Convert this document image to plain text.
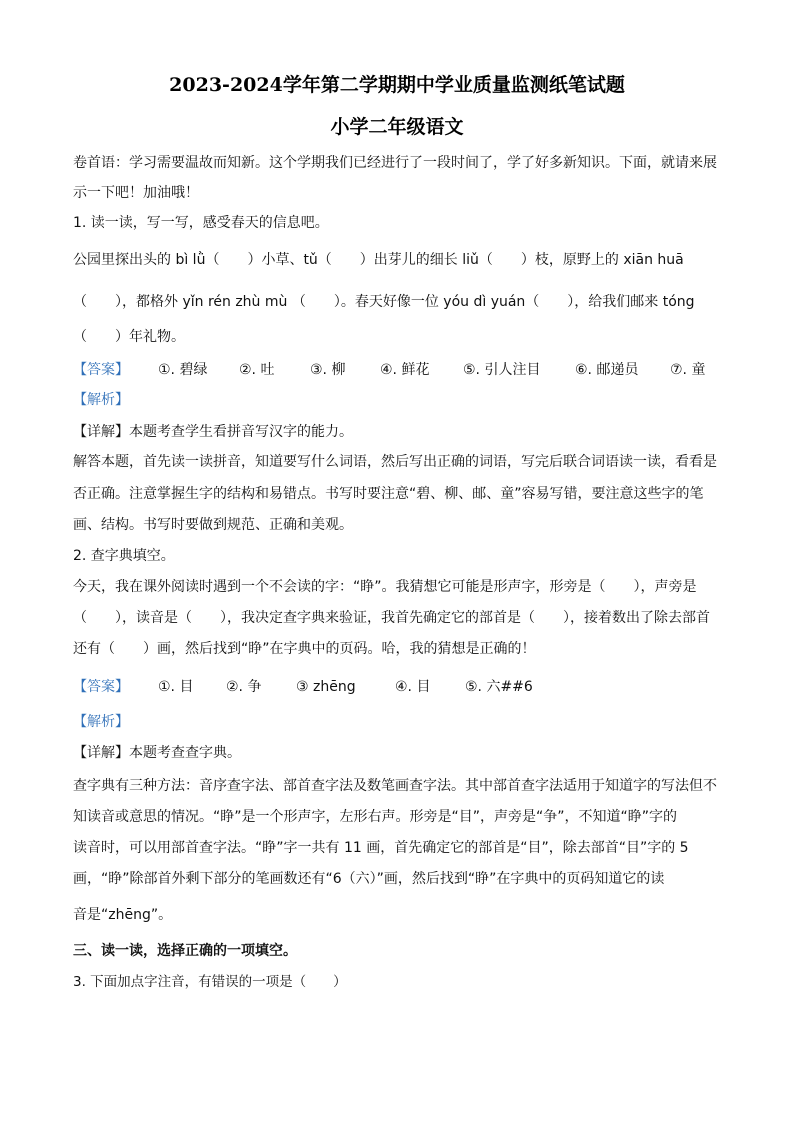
2023-2024学年第二学期期中学业质量监测纸笔试题
小学二年级语文
卷首语：学习需要温故而知新。这个学期我们已经进行了一段时间了，学了好多新知识。下面，就请来展
示一下吧！加油哦！
1. 读一读，写一写，感受春天的信息吧。
公园里探出头的 bì lǜ（　　）小草、tǔ（　　）出芽儿的细长 liǔ（　　）枝，原野上的 xiān huā
（　　），都格外 yǐn rén zhù mù （　　）。春天好像一位 yóu dì yuán（　　），给我们邮来 tóng
（　　）年礼物。
【答案】 ①. 碧绿 ②. 吐	③. 柳 ④. 鲜花 ⑤. 引人注目 ⑥. 邮递员 ⑦. 童
【解析】
【详解】本题考查学生看拼音写汉字的能力。
解答本题，首先读一读拼音，知道要写什么词语，然后写出正确的词语，写完后联合词语读一读，看看是
否正确。注意掌握生字的结构和易错点。书写时要注意“碧、柳、邮、童”容易写错，要注意这些字的笔
画、结构。书写时要做到规范、正确和美观。
2. 查字典填空。
今天，我在课外阅读时遇到一个不会读的字：“睁”。我猜想它可能是形声字，形旁是（　　），声旁是
（　　），读音是（　　），我决定查字典来验证，我首先确定它的部首是（　　），接着数出了除去部首
还有（　　）画，然后找到“睁”在字典中的页码。哈，我的猜想是正确的！
【答案】 ①. 目 ②. 争 ③ zhēng	④. 目 ⑤. 六##6
【解析】
【详解】本题考查查字典。
查字典有三种方法：音序查字法、部首查字法及数笔画查字法。其中部首查字法适用于知道字的写法但不
知读音或意思的情况。“睁”是一个形声字，左形右声。形旁是“目”，声旁是“争”，不知道“睁”字的
读音时，可以用部首查字法。“睁”字一共有 11 画，首先确定它的部首是“目”，除去部首“目”字的 5
画，“睁”除部首外剩下部分的笔画数还有“6（六）”画，然后找到“睁”在字典中的页码知道它的读
音是“zhēng”。
三、读一读，选择正确的一项填空。
3. 下面加点字注音，有错误的一项是（　　）
